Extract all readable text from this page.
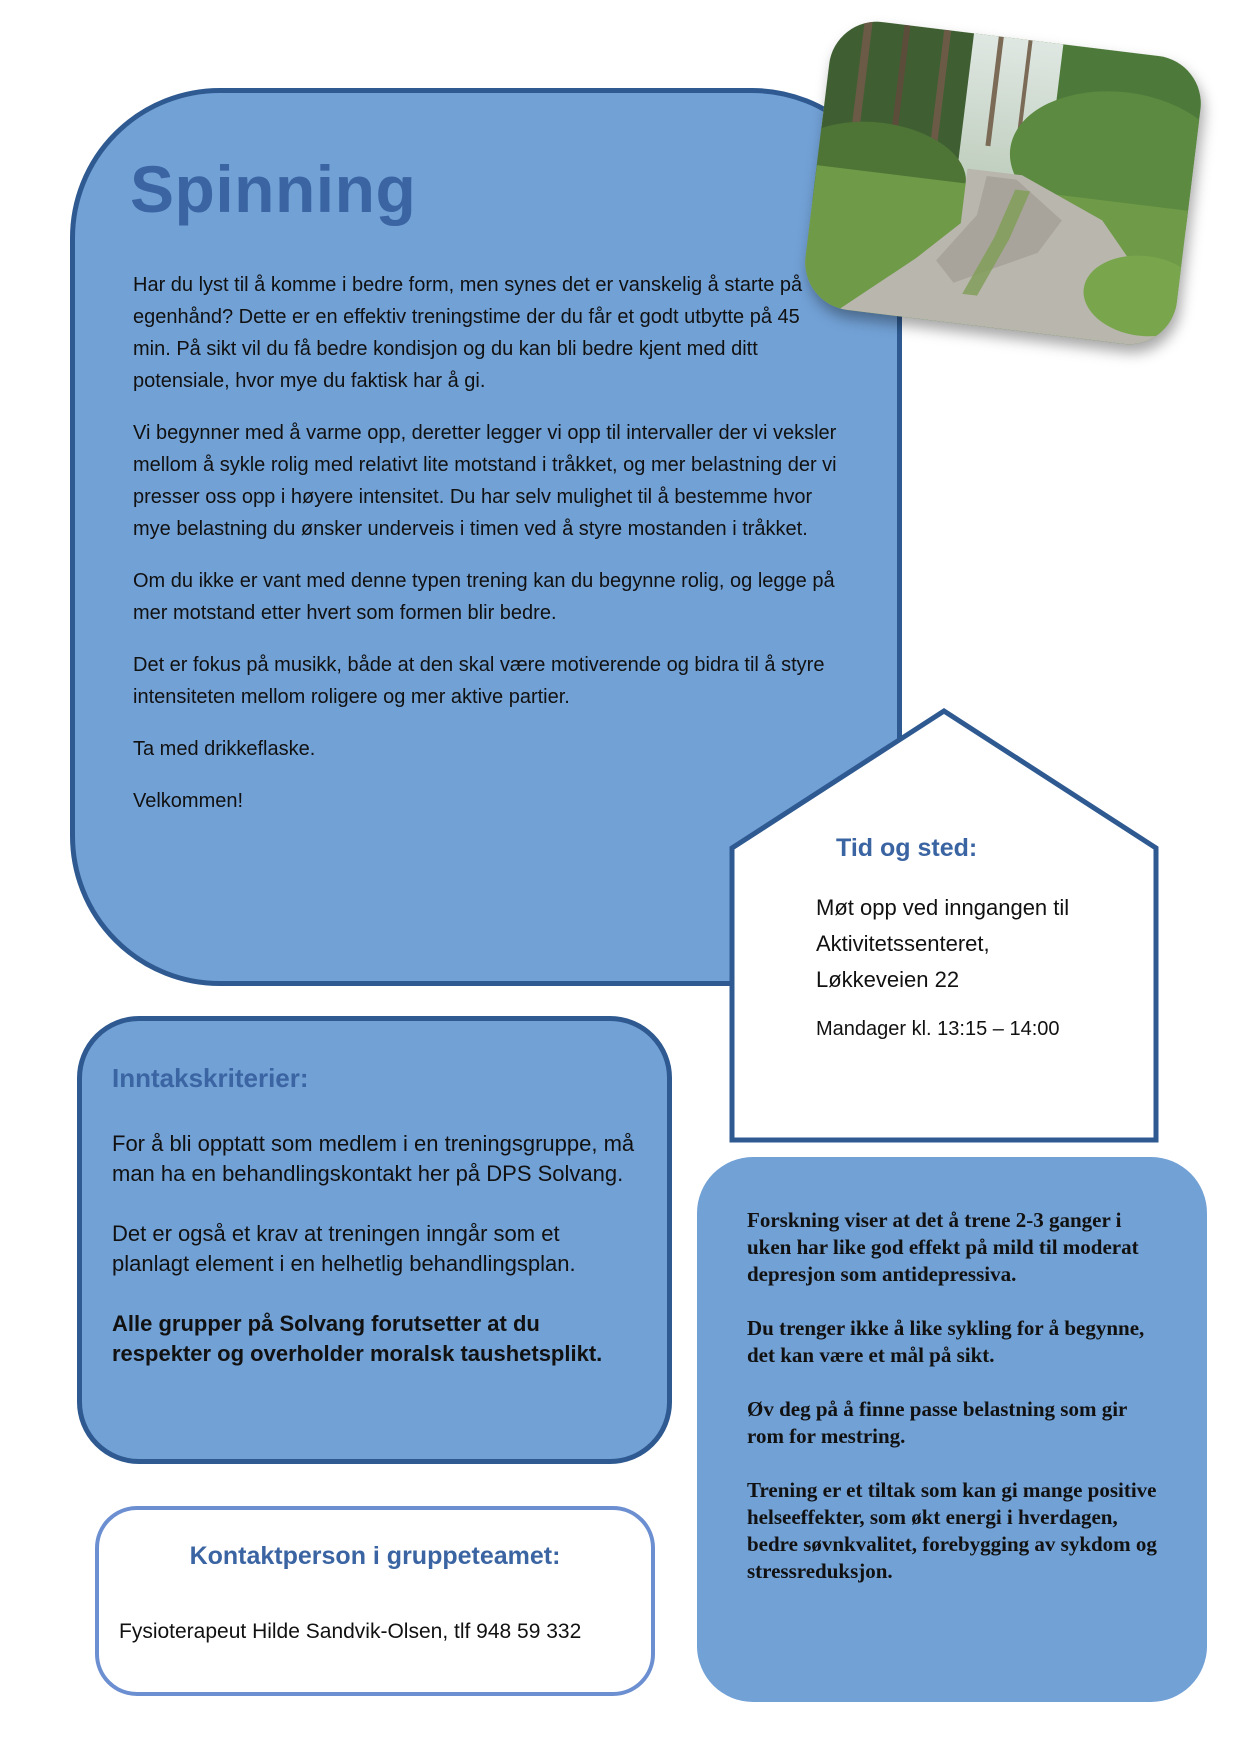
Spinning

Har du lyst til å komme i bedre form, men synes det er vanskelig å starte på egenhånd? Dette er en effektiv treningstime der du får et godt utbytte på 45 min. På sikt vil du få bedre kondisjon og du kan bli bedre kjent med ditt potensiale, hvor mye du faktisk har å gi.

Vi begynner med å varme opp, deretter legger vi opp til intervaller der vi veksler mellom å sykle rolig med relativt lite motstand i tråkket, og mer belastning der vi presser oss opp i høyere intensitet. Du har selv mulighet til å bestemme hvor mye belastning du ønsker underveis i timen ved å styre mostanden i tråkket.

Om du ikke er vant med denne typen trening kan du begynne rolig, og legge på mer motstand etter hvert som formen blir bedre.

Det er fokus på musikk, både at den skal være motiverende og bidra til å styre intensiteten mellom roligere og mer aktive partier.

Ta med drikkeflaske.

Velkommen!

Tid og sted:
Møt opp ved inngangen til
Aktivitetssenteret,
Løkkeveien 22
Mandager kl. 13:15 – 14:00
Inntakskriterier:

For å bli opptatt som medlem i en treningsgruppe, må man ha en behandlingskontakt her på DPS Solvang.

Det er også et krav at treningen inngår som et planlagt element i en helhetlig behandlingsplan.

Alle grupper på Solvang forutsetter at du respekter og overholder moralsk taushetsplikt.

Forskning viser at det å trene 2-3 ganger i uken har like god effekt på mild til moderat depresjon som antidepressiva.

Du trenger ikke å like sykling for å begynne, det kan være et mål på sikt.

Øv deg på å finne passe belastning som gir rom for mestring.

Trening er et tiltak som kan gi mange positive helseeffekter, som økt energi i hverdagen, bedre søvnkvalitet, forebygging av sykdom og stressreduksjon.

Kontaktperson i gruppeteamet:
Fysioterapeut Hilde Sandvik-Olsen, tlf 948 59 332
